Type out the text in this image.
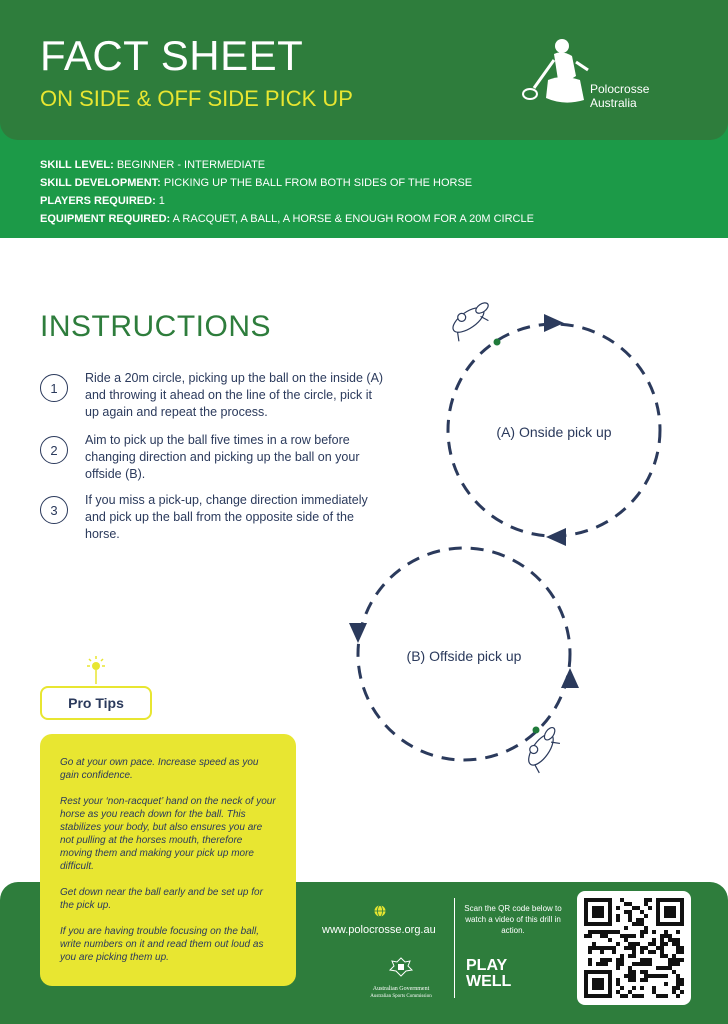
FACT SHEET
ON SIDE & OFF SIDE PICK UP	Polocrosse Australia
SKILL LEVEL: BEGINNER - INTERMEDIATE
SKILL DEVELOPMENT: PICKING UP THE BALL FROM BOTH SIDES OF THE HORSE
PLAYERS REQUIRED: 1
EQUIPMENT REQUIRED: A RACQUET, A BALL, A HORSE & ENOUGH ROOM FOR A 20M CIRCLE
INSTRUCTIONS
1
Ride a 20m circle, picking up the ball on the inside (A) and throwing it ahead on the line of the circle, pick it up again and repeat the process.
2
Aim to pick up the ball five times in a row before changing direction and picking up the ball on your offside (B).
3
If you miss a pick-up, change direction immediately and pick up the ball from the opposite side of the horse.
(A) Onside pick up
(B) Offside pick up
Pro Tips

Go at your own pace. Increase speed as you gain confidence.

Rest your ‘non-racquet’ hand on the neck of your horse as you reach down for the ball. This stabilizes your body, but also ensures you are not pulling at the horses mouth, therefore moving them and making your pick up more difficult.

Get down near the ball early and be set up for the pick up.

If you are having trouble focusing on the ball, write numbers on it and read them out loud as you are picking them up.

www.polocrosse.org.au
Scan the QR code below to watch a video of this drill in action.
Australian Government
Australian Sports Commission
PLAY
WELL
